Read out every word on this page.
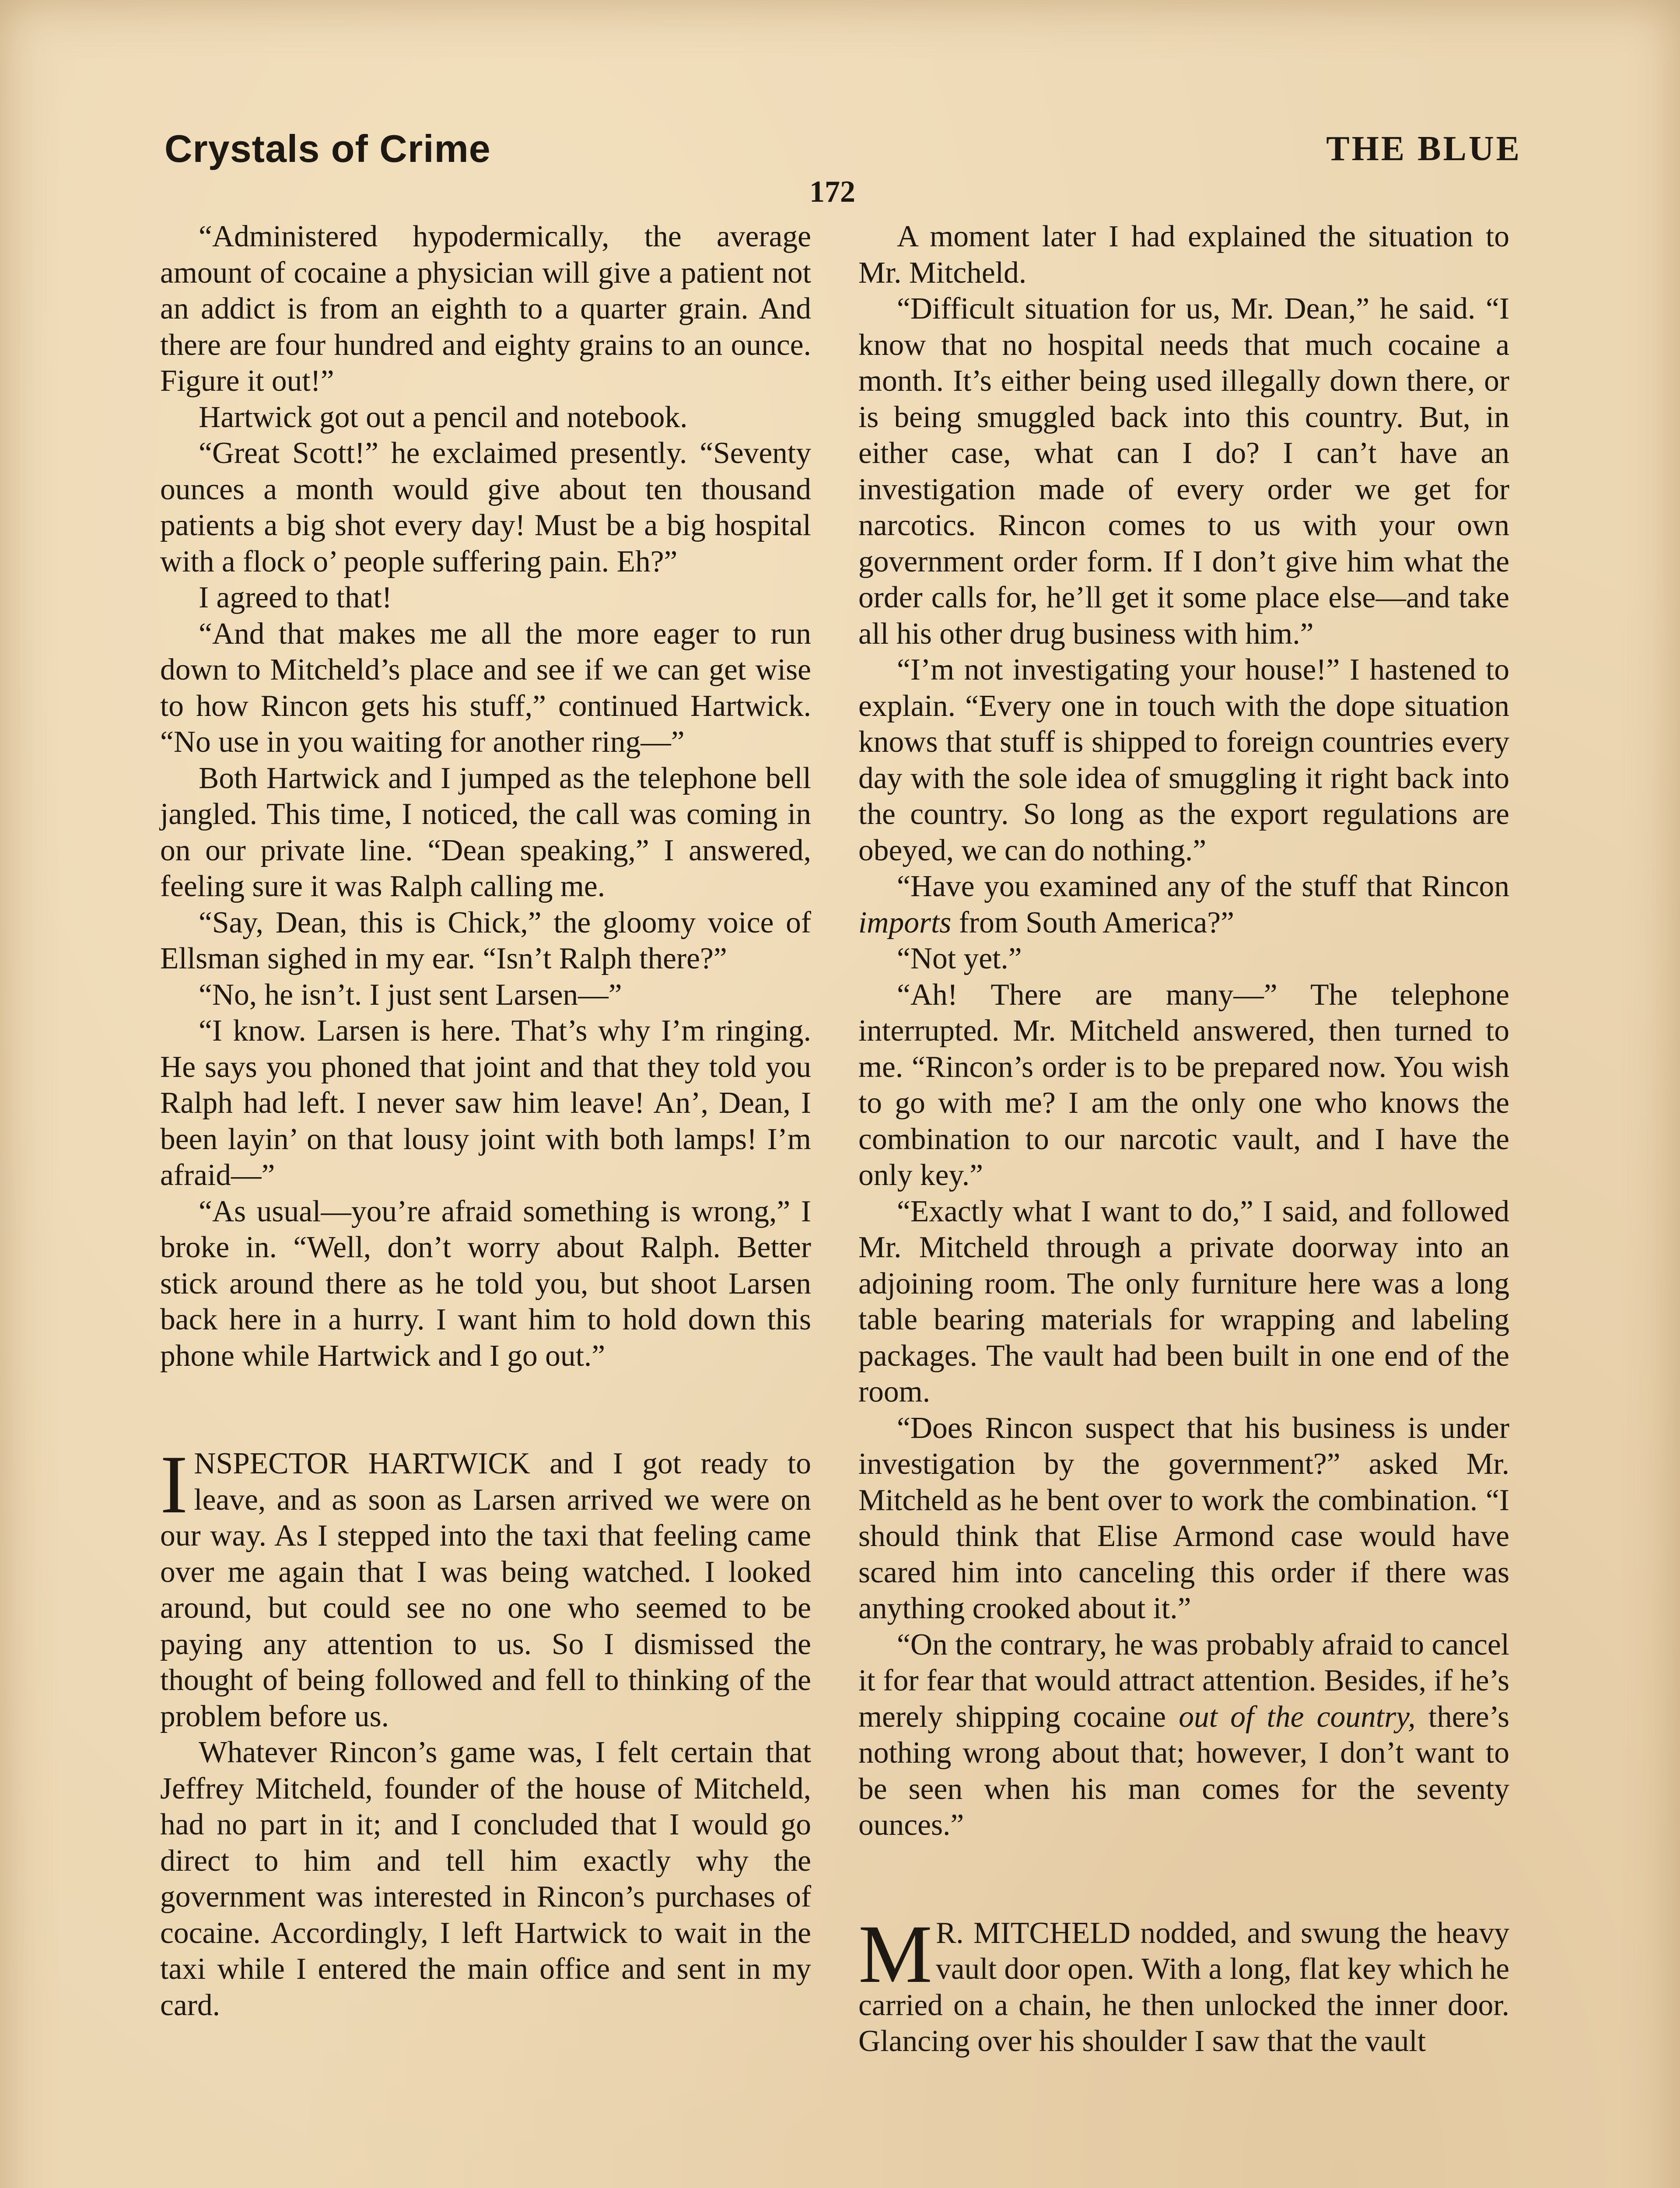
Crystals of Crime	THE BLUE
172

“Administered hypodermically, the average amount of cocaine a physician will give a patient not an addict is from an eighth to a quarter grain. And there are four hundred and eighty grains to an ounce. Figure it out!”

Hartwick got out a pencil and notebook.

“Great Scott!” he exclaimed presently. “Seventy ounces a month would give about ten thousand patients a big shot every day! Must be a big hospital with a flock o’ people suffering pain. Eh?”

I agreed to that!

“And that makes me all the more eager to run down to Mitcheld’s place and see if we can get wise to how Rincon gets his stuff,” continued Hartwick. “No use in you waiting for another ring—”

Both Hartwick and I jumped as the telephone bell jangled. This time, I noticed, the call was coming in on our private line. “Dean speaking,” I answered, feeling sure it was Ralph calling me.

“Say, Dean, this is Chick,” the gloomy voice of Ellsman sighed in my ear. “Isn’t Ralph there?”

“No, he isn’t. I just sent Larsen—”

“I know. Larsen is here. That’s why I’m ringing. He says you phoned that joint and that they told you Ralph had left. I never saw him leave! An’, Dean, I been layin’ on that lousy joint with both lamps! I’m afraid—”

“As usual—you’re afraid something is wrong,” I broke in. “Well, don’t worry about Ralph. Better stick around there as he told you, but shoot Larsen back here in a hurry. I want him to hold down this phone while Hartwick and I go out.”

INSPECTOR HARTWICK and I got ready to leave, and as soon as Larsen arrived we were on our way. As I stepped into the taxi that feeling came over me again that I was being watched. I looked around, but could see no one who seemed to be paying any attention to us. So I dismissed the thought of being followed and fell to thinking of the problem before us.

Whatever Rincon’s game was, I felt certain that Jeffrey Mitcheld, founder of the house of Mitcheld, had no part in it; and I concluded that I would go direct to him and tell him exactly why the government was interested in Rincon’s purchases of cocaine. Accordingly, I left Hartwick to wait in the taxi while I entered the main office and sent in my card.

A moment later I had explained the situation to Mr. Mitcheld.

“Difficult situation for us, Mr. Dean,” he said. “I know that no hospital needs that much cocaine a month. It’s either being used illegally down there, or is being smuggled back into this country. But, in either case, what can I do? I can’t have an investigation made of every order we get for narcotics. Rincon comes to us with your own government order form. If I don’t give him what the order calls for, he’ll get it some place else—and take all his other drug business with him.”

“I’m not investigating your house!” I hastened to explain. “Every one in touch with the dope situation knows that stuff is shipped to foreign countries every day with the sole idea of smuggling it right back into the country. So long as the export regulations are obeyed, we can do nothing.”

“Have you examined any of the stuff that Rincon imports from South America?”

“Not yet.”

“Ah! There are many—” The telephone interrupted. Mr. Mitcheld answered, then turned to me. “Rincon’s order is to be prepared now. You wish to go with me? I am the only one who knows the combination to our narcotic vault, and I have the only key.”

“Exactly what I want to do,” I said, and followed Mr. Mitcheld through a private doorway into an adjoining room. The only furniture here was a long table bearing materials for wrapping and labeling packages. The vault had been built in one end of the room.

“Does Rincon suspect that his business is under investigation by the government?” asked Mr. Mitcheld as he bent over to work the combination. “I should think that Elise Armond case would have scared him into canceling this order if there was anything crooked about it.”

“On the contrary, he was probably afraid to cancel it for fear that would attract attention. Besides, if he’s merely shipping cocaine out of the country, there’s nothing wrong about that; however, I don’t want to be seen when his man comes for the seventy ounces.”

M R. MITCHELD nodded, and swung the heavy vault door open. With a long, flat key which he carried on a chain, he then unlocked the inner door. Glancing over his shoulder I saw that the vault
